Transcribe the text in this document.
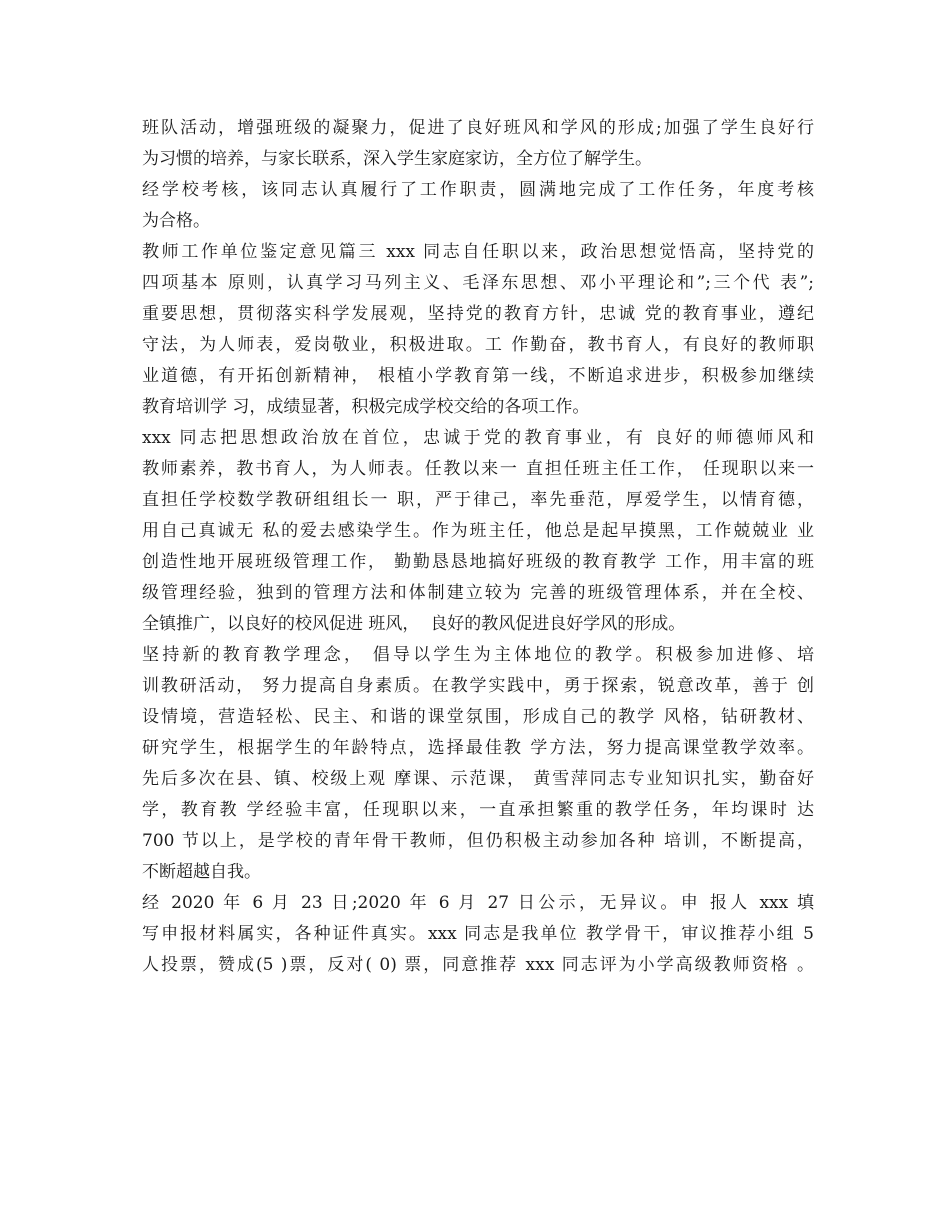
班队活动，增强班级的凝聚力，促进了良好班风和学风的形成;加强了学生良好行
为习惯的培养，与家长联系，深入学生家庭家访，全方位了解学生。
经学校考核，该同志认真履行了工作职责，圆满地完成了工作任务，年度考核
为合格。
教师工作单位鉴定意见篇三 xxx 同志自任职以来，政治思想觉悟高，坚持党的
四项基本 原则，认真学习马列主义、毛泽东思想、邓小平理论和”;三个代 表”;
重要思想，贯彻落实科学发展观，坚持党的教育方针，忠诚 党的教育事业，遵纪
守法，为人师表，爱岗敬业，积极进取。工 作勤奋，教书育人，有良好的教师职
业道德，有开拓创新精神， 根植小学教育第一线，不断追求进步，积极参加继续
教育培训学 习，成绩显著，积极完成学校交给的各项工作。
xxx 同志把思想政治放在首位，忠诚于党的教育事业，有 良好的师德师风和
教师素养，教书育人，为人师表。任教以来一 直担任班主任工作， 任现职以来一
直担任学校数学教研组组长一 职，严于律己，率先垂范，厚爱学生，以情育德，
用自己真诚无 私的爱去感染学生。作为班主任，他总是起早摸黑，工作兢兢业 业
创造性地开展班级管理工作， 勤勤恳恳地搞好班级的教育教学 工作，用丰富的班
级管理经验，独到的管理方法和体制建立较为 完善的班级管理体系，并在全校、
全镇推广，以良好的校风促进 班风，  良好的教风促进良好学风的形成。
坚持新的教育教学理念， 倡导以学生为主体地位的教学。积极参加进修、培
训教研活动， 努力提高自身素质。在教学实践中，勇于探索，锐意改革，善于 创
设情境，营造轻松、民主、和谐的课堂氛围，形成自己的教学 风格，钻研教材、
研究学生，根据学生的年龄特点，选择最佳教 学方法，努力提高课堂教学效率。
先后多次在县、镇、校级上观 摩课、示范课， 黄雪萍同志专业知识扎实，勤奋好
学，教育教 学经验丰富，任现职以来，一直承担繁重的教学任务，年均课时 达
700 节以上，是学校的青年骨干教师，但仍积极主动参加各种 培训，不断提高，
不断超越自我。
经 2020 年 6 月 23 日;2020 年 6 月 27 日公示，无异议。申 报人 xxx 填
写申报材料属实，各种证件真实。xxx 同志是我单位 教学骨干，审议推荐小组 5
人投票，赞成(5 )票，反对( 0) 票，同意推荐 xxx 同志评为小学高级教师资格 。
